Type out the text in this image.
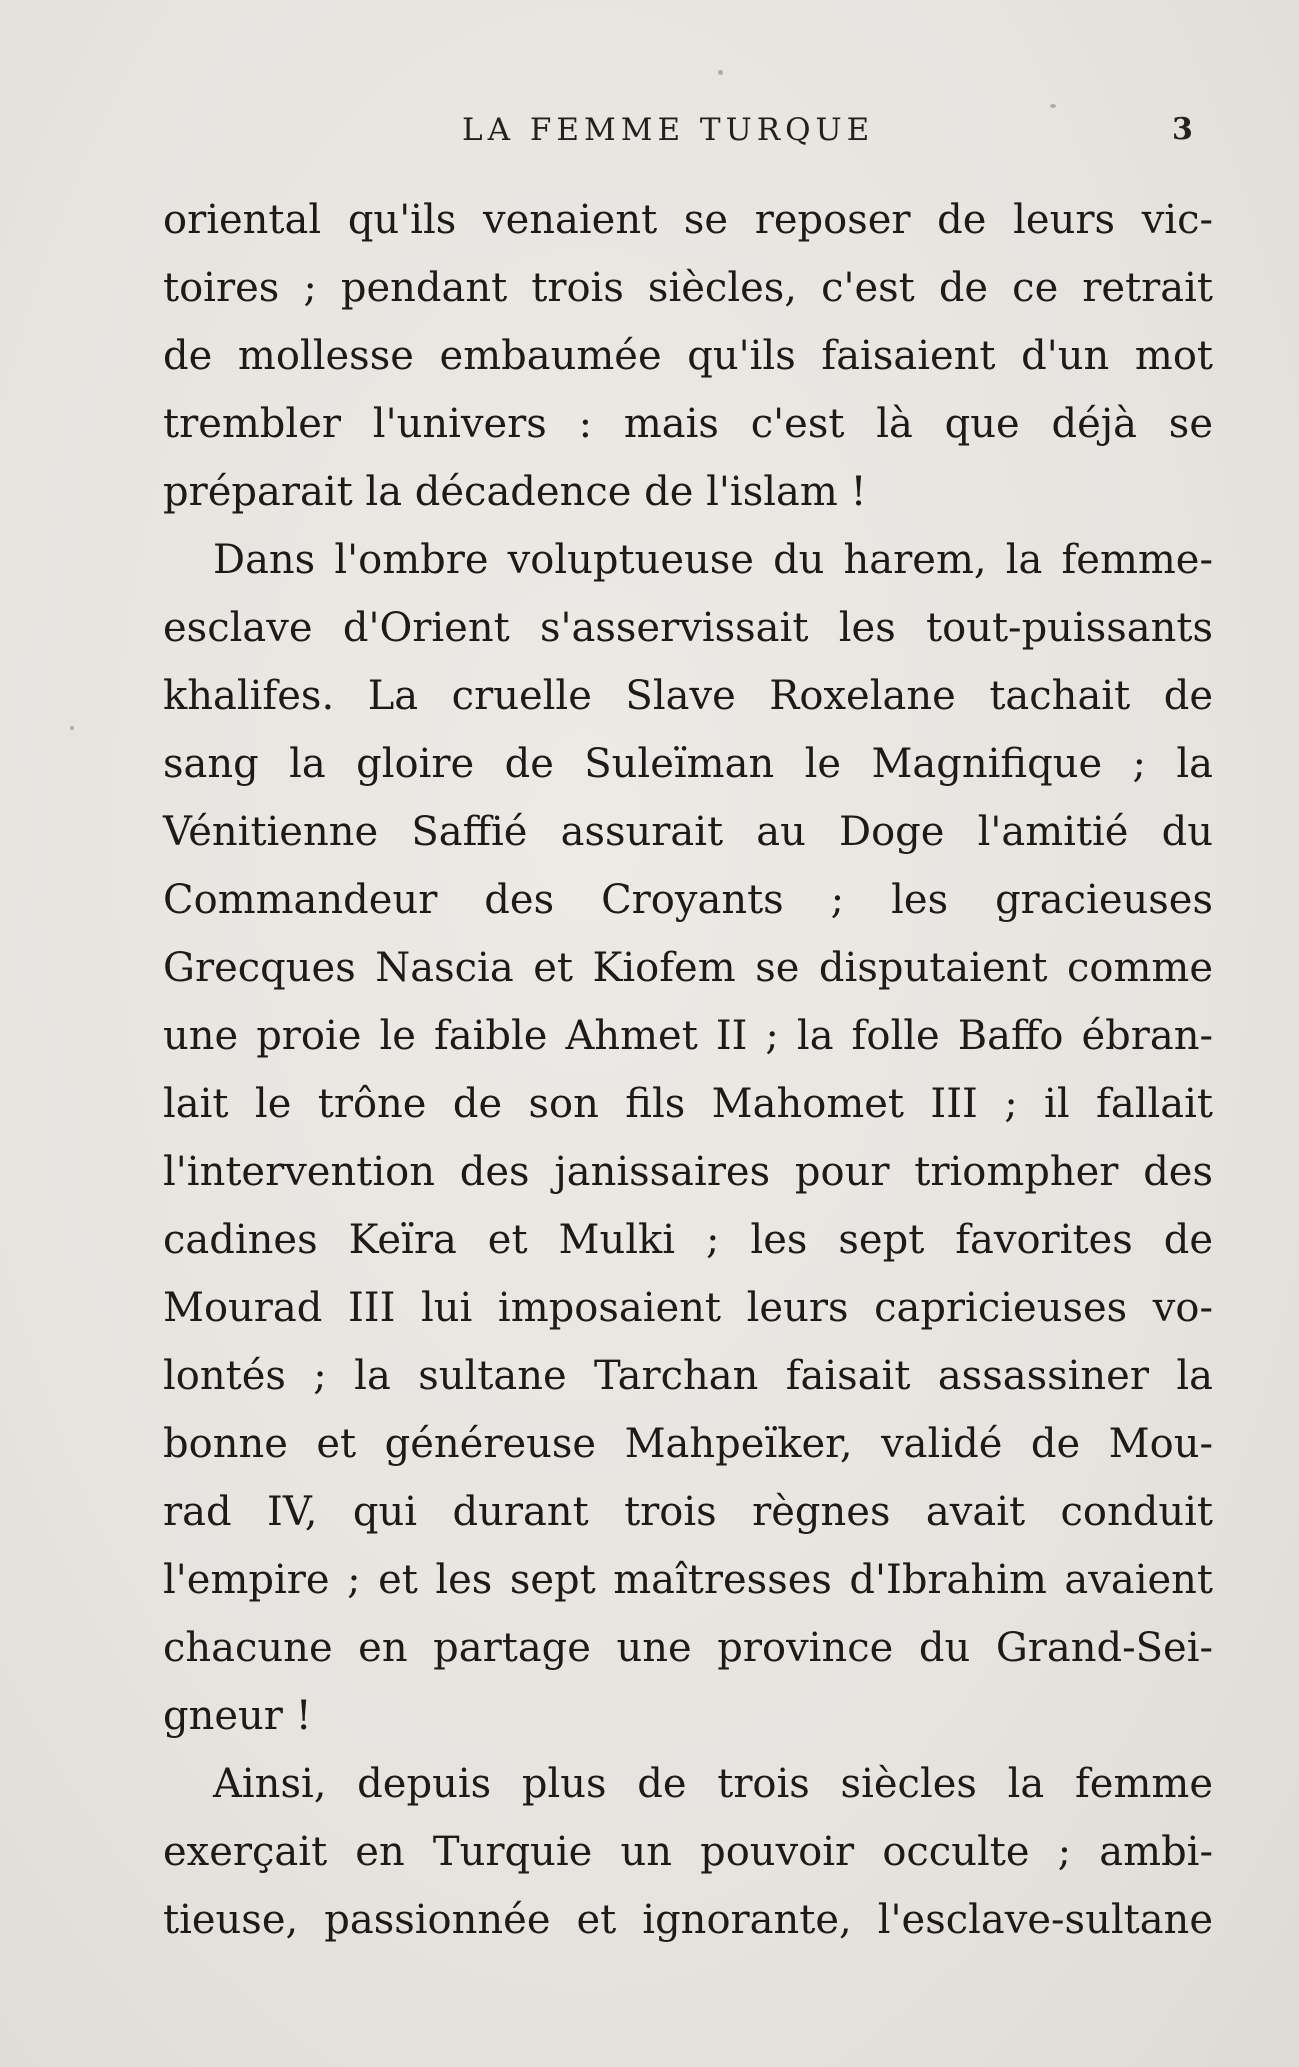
LA FEMME TURQUE	3
oriental qu'ils venaient se reposer de leurs vic-
toires ; pendant trois siècles, c'est de ce retrait
de mollesse embaumée qu'ils faisaient d'un mot
trembler l'univers : mais c'est là que déjà se
préparait la décadence de l'islam !
Dans l'ombre voluptueuse du harem, la femme-
esclave d'Orient s'asservissait les tout-puissants
khalifes. La cruelle Slave Roxelane tachait de
sang la gloire de Suleïman le Magnifique ; la
Vénitienne Saffié assurait au Doge l'amitié du
Commandeur des Croyants ; les gracieuses
Grecques Nascia et Kiofem se disputaient comme
une proie le faible Ahmet II ; la folle Baffo ébran-
lait le trône de son fils Mahomet III ; il fallait
l'intervention des janissaires pour triompher des
cadines Keïra et Mulki ; les sept favorites de
Mourad III lui imposaient leurs capricieuses vo-
lontés ; la sultane Tarchan faisait assassiner la
bonne et généreuse Mahpeïker, validé de Mou-
rad IV, qui durant trois règnes avait conduit
l'empire ; et les sept maîtresses d'Ibrahim avaient
chacune en partage une province du Grand-Sei-
gneur !
Ainsi, depuis plus de trois siècles la femme
exerçait en Turquie un pouvoir occulte ; ambi-
tieuse, passionnée et ignorante, l'esclave-sultane
